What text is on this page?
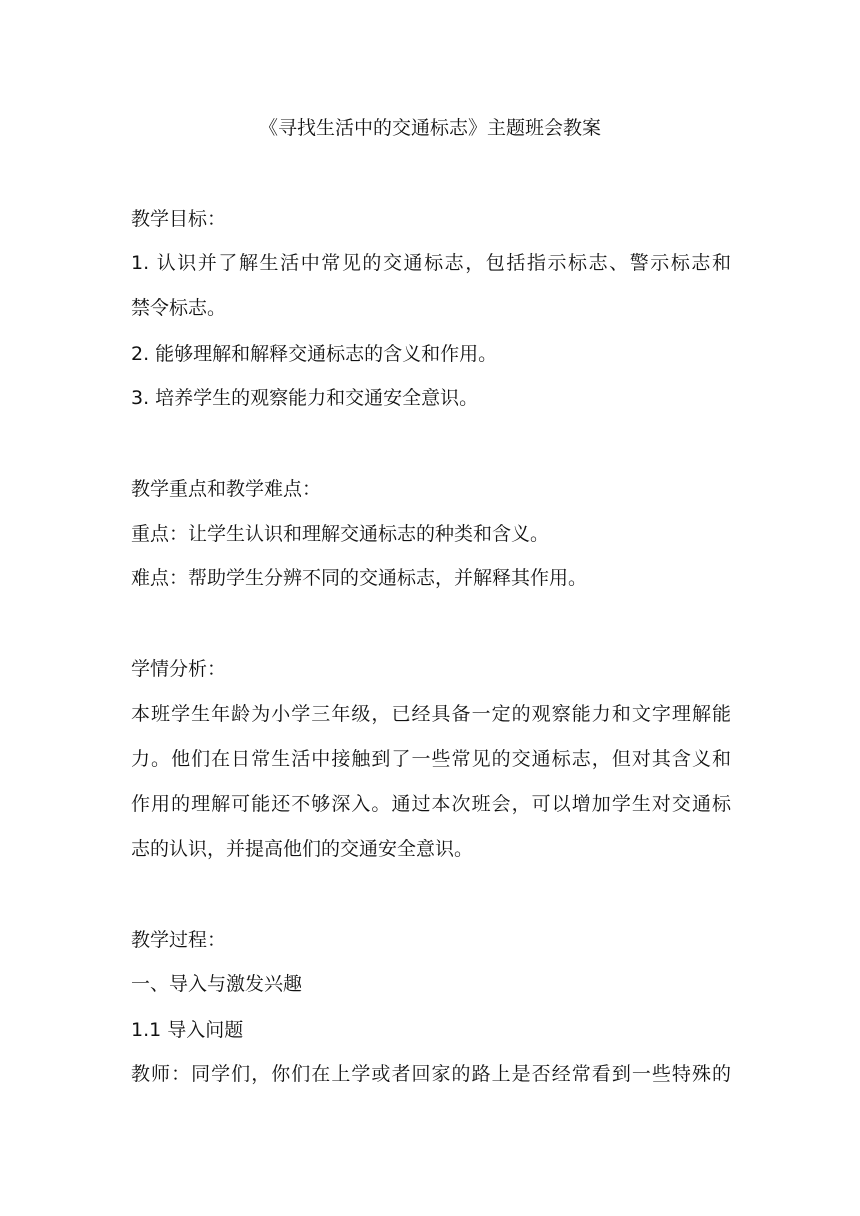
《寻找生活中的交通标志》主题班会教案
教学目标：
1. 认识并了解生活中常见的交通标志，包括指示标志、警示标志和
禁令标志。
2. 能够理解和解释交通标志的含义和作用。
3. 培养学生的观察能力和交通安全意识。
教学重点和教学难点：
重点：让学生认识和理解交通标志的种类和含义。
难点：帮助学生分辨不同的交通标志，并解释其作用。
学情分析：
本班学生年龄为小学三年级，已经具备一定的观察能力和文字理解能
力。他们在日常生活中接触到了一些常见的交通标志，但对其含义和
作用的理解可能还不够深入。通过本次班会，可以增加学生对交通标
志的认识，并提高他们的交通安全意识。
教学过程：
一、导入与激发兴趣
1.1 导入问题
教师：同学们，你们在上学或者回家的路上是否经常看到一些特殊的
